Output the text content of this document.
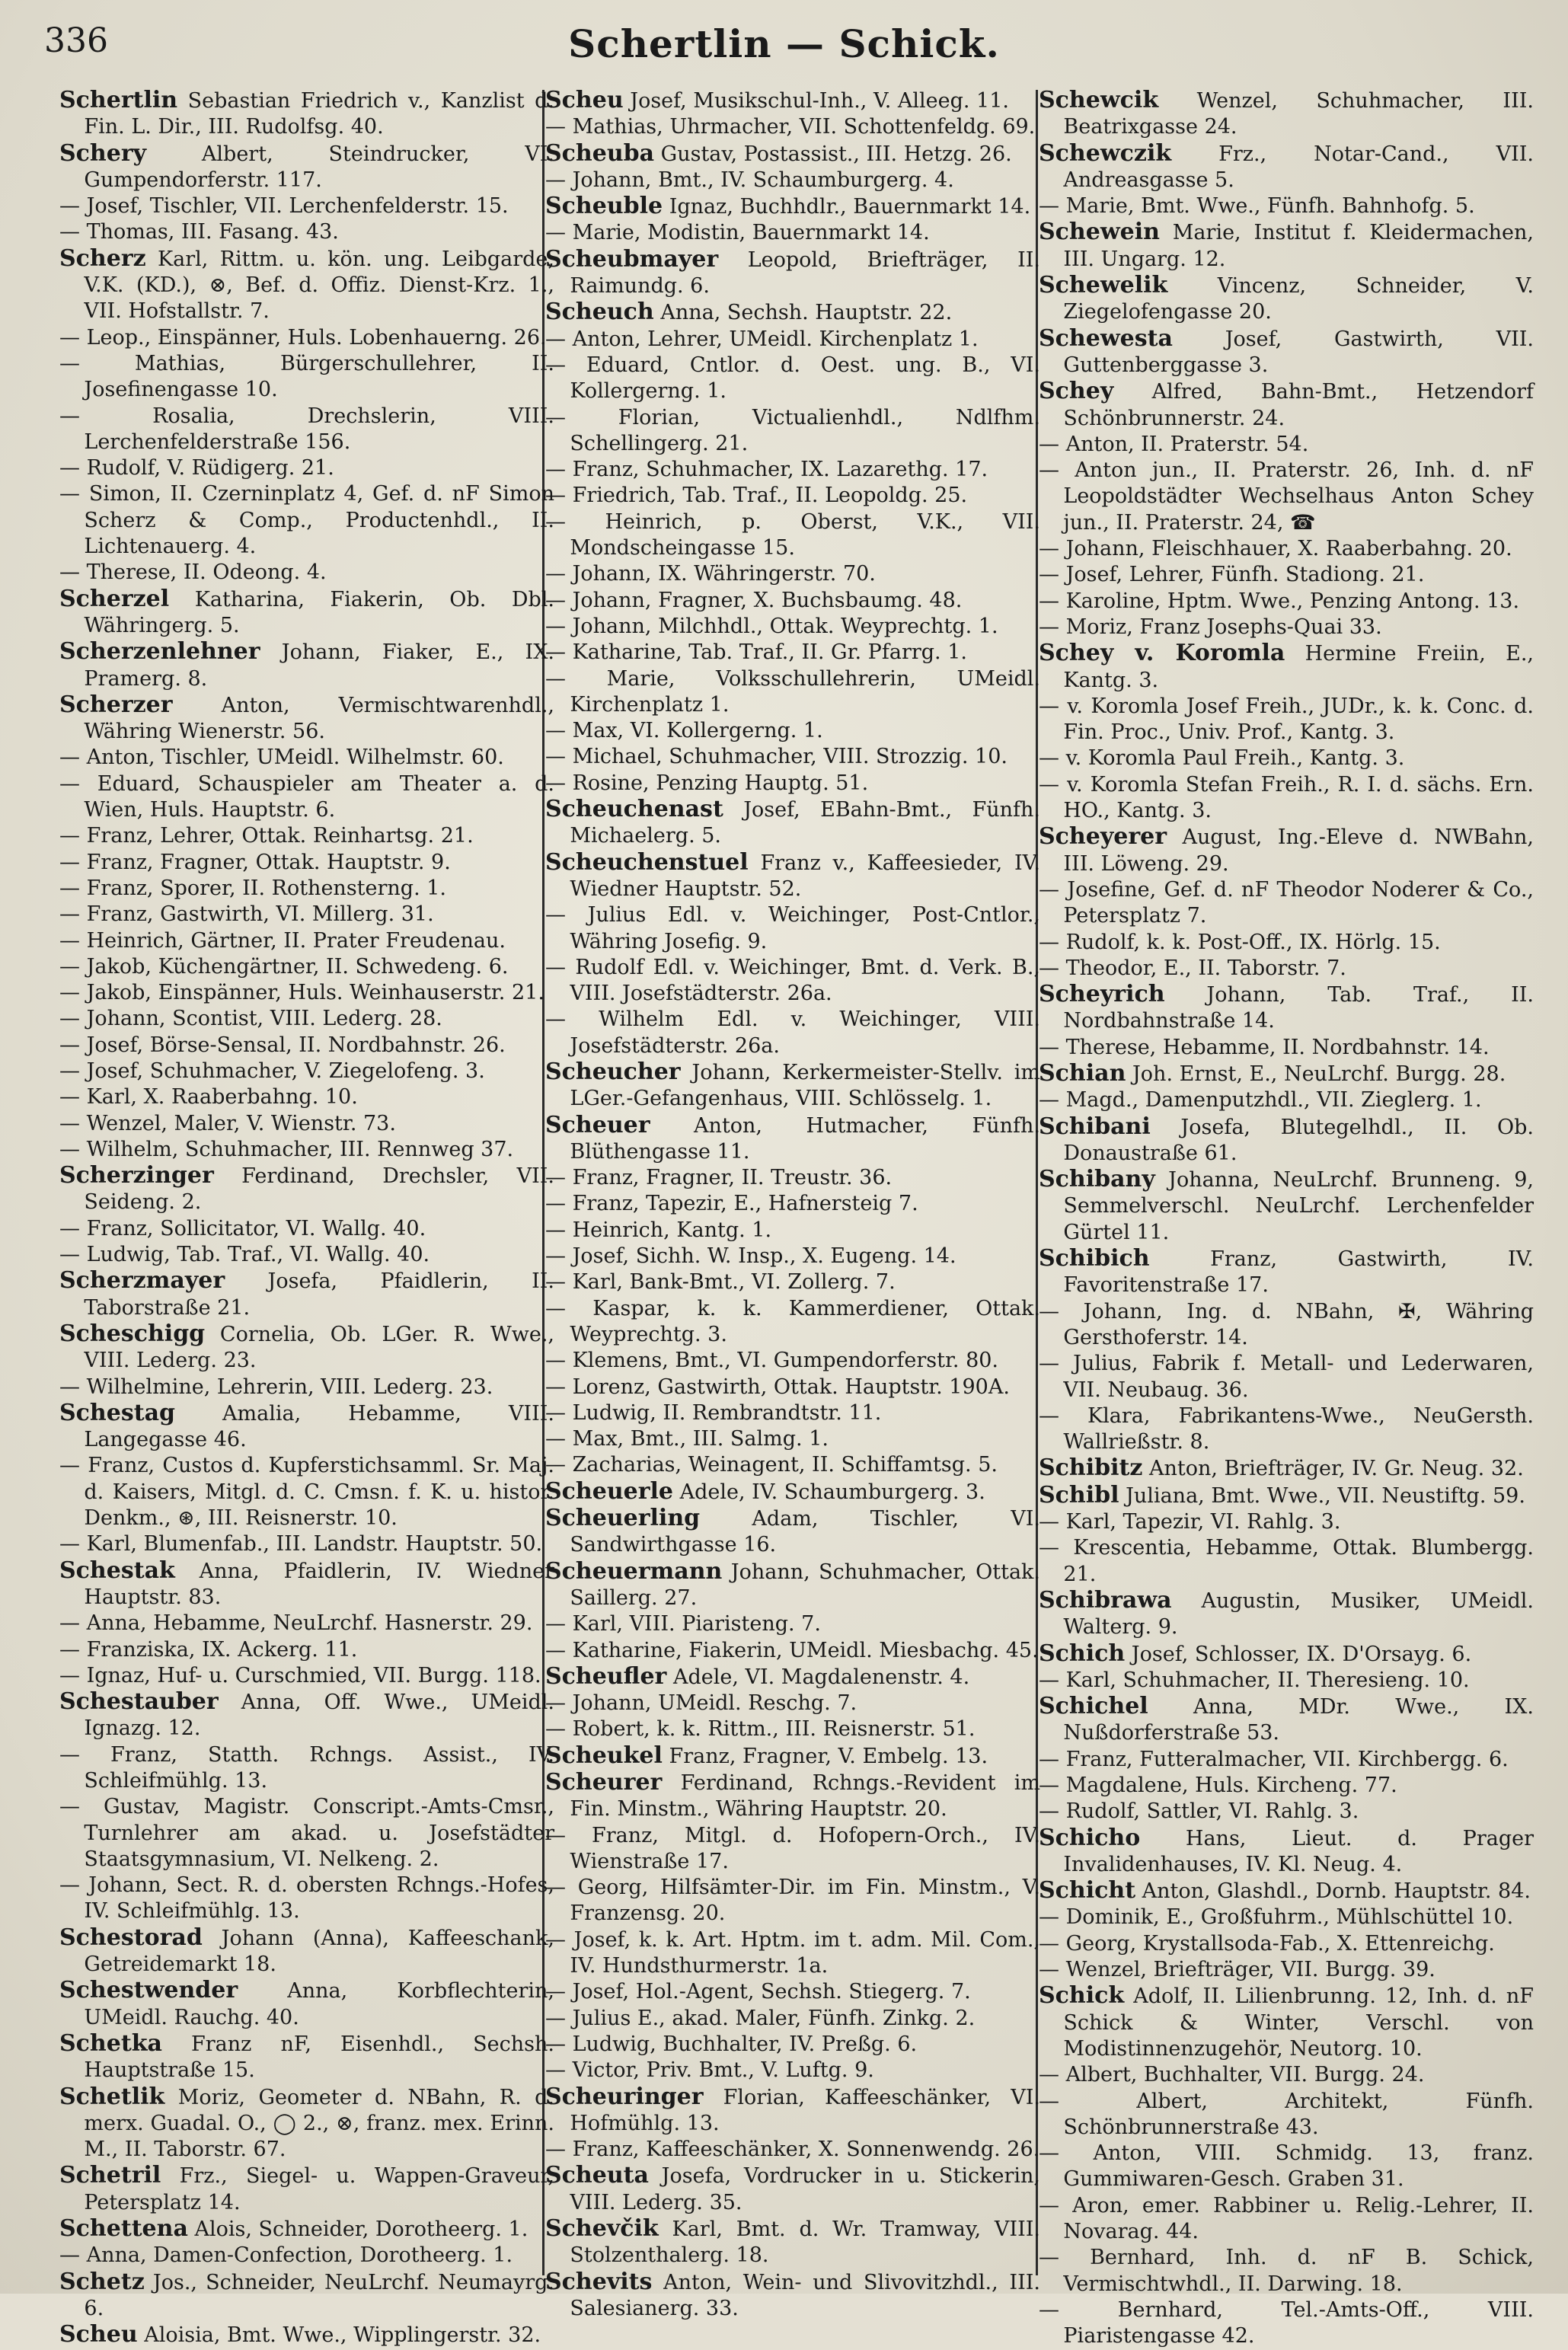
336	Schertlin — Schick.

Schertlin Sebastian Friedrich v., Kanzlist d. Fin. L. Dir., III. Rudolfsg. 40.

Schery Albert, Steindrucker, VI. Gumpendorferstr. 117.

— Josef, Tischler, VII. Lerchenfelderstr. 15.

— Thomas, III. Fasang. 43.

Scherz Karl, Rittm. u. kön. ung. Leibgarde, V.K. (KD.), ⊗, Bef. d. Offiz. Dienst-Krz. 1., VII. Hofstallstr. 7.

— Leop., Einspänner, Huls. Lobenhauerng. 26.

— Mathias, Bürgerschullehrer, II. Josefinengasse 10.

— Rosalia, Drechslerin, VIII. Lerchenfelderstraße 156.

— Rudolf, V. Rüdigerg. 21.

— Simon, II. Czerninplatz 4, Gef. d. nF Simon Scherz & Comp., Productenhdl., II. Lichtenauerg. 4.

— Therese, II. Odeong. 4.

Scherzel Katharina, Fiakerin, Ob. Dbl. Währingerg. 5.

Scherzenlehner Johann, Fiaker, E., IX. Pramerg. 8.

Scherzer Anton, Vermischtwarenhdl., Währing Wienerstr. 56.

— Anton, Tischler, UMeidl. Wilhelmstr. 60.

— Eduard, Schauspieler am Theater a. d. Wien, Huls. Hauptstr. 6.

— Franz, Lehrer, Ottak. Reinhartsg. 21.

— Franz, Fragner, Ottak. Hauptstr. 9.

— Franz, Sporer, II. Rothensterng. 1.

— Franz, Gastwirth, VI. Millerg. 31.

— Heinrich, Gärtner, II. Prater Freudenau.

— Jakob, Küchengärtner, II. Schwedeng. 6.

— Jakob, Einspänner, Huls. Weinhauserstr. 21.

— Johann, Scontist, VIII. Lederg. 28.

— Josef, Börse-Sensal, II. Nordbahnstr. 26.

— Josef, Schuhmacher, V. Ziegelofeng. 3.

— Karl, X. Raaberbahng. 10.

— Wenzel, Maler, V. Wienstr. 73.

— Wilhelm, Schuhmacher, III. Rennweg 37.

Scherzinger Ferdinand, Drechsler, VII. Seideng. 2.

— Franz, Sollicitator, VI. Wallg. 40.

— Ludwig, Tab. Traf., VI. Wallg. 40.

Scherzmayer Josefa, Pfaidlerin, II. Taborstraße 21.

Scheschigg Cornelia, Ob. LGer. R. Wwe., VIII. Lederg. 23.

— Wilhelmine, Lehrerin, VIII. Lederg. 23.

Schestag Amalia, Hebamme, VIII. Langegasse 46.

— Franz, Custos d. Kupferstichsamml. Sr. Maj. d. Kaisers, Mitgl. d. C. Cmsn. f. K. u. histor. Denkm., ⊛, III. Reisnerstr. 10.

— Karl, Blumenfab., III. Landstr. Hauptstr. 50.

Schestak Anna, Pfaidlerin, IV. Wiedner Hauptstr. 83.

— Anna, Hebamme, NeuLrchf. Hasnerstr. 29.

— Franziska, IX. Ackerg. 11.

— Ignaz, Huf- u. Curschmied, VII. Burgg. 118.

Schestauber Anna, Off. Wwe., UMeidl. Ignazg. 12.

— Franz, Statth. Rchngs. Assist., IV. Schleifmühlg. 13.

— Gustav, Magistr. Conscript.-Amts-Cmsr., Turnlehrer am akad. u. Josefstädter Staatsgymnasium, VI. Nelkeng. 2.

— Johann, Sect. R. d. obersten Rchngs.-Hofes, IV. Schleifmühlg. 13.

Schestorad Johann (Anna), Kaffeeschank, Getreidemarkt 18.

Schestwender Anna, Korbflechterin, UMeidl. Rauchg. 40.

Schetka Franz nF, Eisenhdl., Sechsh. Hauptstraße 15.

Schetlik Moriz, Geometer d. NBahn, R. d. merx. Guadal. O., ◯ 2., ⊗, franz. mex. Erinn. M., II. Taborstr. 67.

Schetril Frz., Siegel- u. Wappen-Graveur, Petersplatz 14.

Schettena Alois, Schneider, Dorotheerg. 1.

— Anna, Damen-Confection, Dorotheerg. 1.

Schetz Jos., Schneider, NeuLrchf. Neumayrg. 6.

Scheu Aloisia, Bmt. Wwe., Wipplingerstr. 32.

Scheu Josef, Musikschul-Inh., V. Alleeg. 11.

— Mathias, Uhrmacher, VII. Schottenfeldg. 69.

Scheuba Gustav, Postassist., III. Hetzg. 26.

— Johann, Bmt., IV. Schaumburgerg. 4.

Scheuble Ignaz, Buchhdlr., Bauernmarkt 14.

— Marie, Modistin, Bauernmarkt 14.

Scheubmayer Leopold, Briefträger, II. Raimundg. 6.

Scheuch Anna, Sechsh. Hauptstr. 22.

— Anton, Lehrer, UMeidl. Kirchenplatz 1.

— Eduard, Cntlor. d. Oest. ung. B., VI. Kollergerng. 1.

— Florian, Victualienhdl., Ndlfhm. Schellingerg. 21.

— Franz, Schuhmacher, IX. Lazarethg. 17.

— Friedrich, Tab. Traf., II. Leopoldg. 25.

— Heinrich, p. Oberst, V.K., VII. Mondscheingasse 15.

— Johann, IX. Währingerstr. 70.

— Johann, Fragner, X. Buchsbaumg. 48.

— Johann, Milchhdl., Ottak. Weyprechtg. 1.

— Katharine, Tab. Traf., II. Gr. Pfarrg. 1.

— Marie, Volksschullehrerin, UMeidl. Kirchenplatz 1.

— Max, VI. Kollergerng. 1.

— Michael, Schuhmacher, VIII. Strozzig. 10.

— Rosine, Penzing Hauptg. 51.

Scheuchenast Josef, EBahn-Bmt., Fünfh. Michaelerg. 5.

Scheuchenstuel Franz v., Kaffeesieder, IV. Wiedner Hauptstr. 52.

— Julius Edl. v. Weichinger, Post-Cntlor., Währing Josefig. 9.

— Rudolf Edl. v. Weichinger, Bmt. d. Verk. B., VIII. Josefstädterstr. 26a.

— Wilhelm Edl. v. Weichinger, VIII. Josefstädterstr. 26a.

Scheucher Johann, Kerkermeister-Stellv. im LGer.-Gefangenhaus, VIII. Schlösselg. 1.

Scheuer Anton, Hutmacher, Fünfh. Blüthengasse 11.

— Franz, Fragner, II. Treustr. 36.

— Franz, Tapezir, E., Hafnersteig 7.

— Heinrich, Kantg. 1.

— Josef, Sichh. W. Insp., X. Eugeng. 14.

— Karl, Bank-Bmt., VI. Zollerg. 7.

— Kaspar, k. k. Kammerdiener, Ottak. Weyprechtg. 3.

— Klemens, Bmt., VI. Gumpendorferstr. 80.

— Lorenz, Gastwirth, Ottak. Hauptstr. 190A.

— Ludwig, II. Rembrandtstr. 11.

— Max, Bmt., III. Salmg. 1.

— Zacharias, Weinagent, II. Schiffamtsg. 5.

Scheuerle Adele, IV. Schaumburgerg. 3.

Scheuerling Adam, Tischler, VI. Sandwirthgasse 16.

Scheuermann Johann, Schuhmacher, Ottak. Saillerg. 27.

— Karl, VIII. Piaristeng. 7.

— Katharine, Fiakerin, UMeidl. Miesbachg. 45.

Scheufler Adele, VI. Magdalenenstr. 4.

— Johann, UMeidl. Reschg. 7.

— Robert, k. k. Rittm., III. Reisnerstr. 51.

Scheukel Franz, Fragner, V. Embelg. 13.

Scheurer Ferdinand, Rchngs.-Revident im Fin. Minstm., Währing Hauptstr. 20.

— Franz, Mitgl. d. Hofopern-Orch., IV. Wienstraße 17.

— Georg, Hilfsämter-Dir. im Fin. Minstm., V. Franzensg. 20.

— Josef, k. k. Art. Hptm. im t. adm. Mil. Com., IV. Hundsthurmerstr. 1a.

— Josef, Hol.-Agent, Sechsh. Stiegerg. 7.

— Julius E., akad. Maler, Fünfh. Zinkg. 2.

— Ludwig, Buchhalter, IV. Preßg. 6.

— Victor, Priv. Bmt., V. Luftg. 9.

Scheuringer Florian, Kaffeeschänker, VI. Hofmühlg. 13.

— Franz, Kaffeeschänker, X. Sonnenwendg. 26.

Scheuta Josefa, Vordrucker in u. Stickerin, VIII. Lederg. 35.

Schevčik Karl, Bmt. d. Wr. Tramway, VIII. Stolzenthalerg. 18.

Schevits Anton, Wein- und Slivovitzhdl., III. Salesianerg. 33.

Schewcik Wenzel, Schuhmacher, III. Beatrixgasse 24.

Schewczik Frz., Notar-Cand., VII. Andreasgasse 5.

— Marie, Bmt. Wwe., Fünfh. Bahnhofg. 5.

Schewein Marie, Institut f. Kleidermachen, III. Ungarg. 12.

Schewelik Vincenz, Schneider, V. Ziegelofengasse 20.

Schewesta Josef, Gastwirth, VII. Guttenberggasse 3.

Schey Alfred, Bahn-Bmt., Hetzendorf Schönbrunnerstr. 24.

— Anton, II. Praterstr. 54.

— Anton jun., II. Praterstr. 26, Inh. d. nF Leopoldstädter Wechselhaus Anton Schey jun., II. Praterstr. 24, ☎

— Johann, Fleischhauer, X. Raaberbahng. 20.

— Josef, Lehrer, Fünfh. Stadiong. 21.

— Karoline, Hptm. Wwe., Penzing Antong. 13.

— Moriz, Franz Josephs-Quai 33.

Schey v. Koromla Hermine Freiin, E., Kantg. 3.

— v. Koromla Josef Freih., JUDr., k. k. Conc. d. Fin. Proc., Univ. Prof., Kantg. 3.

— v. Koromla Paul Freih., Kantg. 3.

— v. Koromla Stefan Freih., R. I. d. sächs. Ern. HO., Kantg. 3.

Scheyerer August, Ing.-Eleve d. NWBahn, III. Löweng. 29.

— Josefine, Gef. d. nF Theodor Noderer & Co., Petersplatz 7.

— Rudolf, k. k. Post-Off., IX. Hörlg. 15.

— Theodor, E., II. Taborstr. 7.

Scheyrich Johann, Tab. Traf., II. Nordbahnstraße 14.

— Therese, Hebamme, II. Nordbahnstr. 14.

Schian Joh. Ernst, E., NeuLrchf. Burgg. 28.

— Magd., Damenputzhdl., VII. Zieglerg. 1.

Schibani Josefa, Blutegelhdl., II. Ob. Donaustraße 61.

Schibany Johanna, NeuLrchf. Brunneng. 9, Semmelverschl. NeuLrchf. Lerchenfelder Gürtel 11.

Schibich Franz, Gastwirth, IV. Favoritenstraße 17.

— Johann, Ing. d. NBahn, ✠, Währing Gersthoferstr. 14.

— Julius, Fabrik f. Metall- und Lederwaren, VII. Neubaug. 36.

— Klara, Fabrikantens-Wwe., NeuGersth. Wallrießstr. 8.

Schibitz Anton, Briefträger, IV. Gr. Neug. 32.

Schibl Juliana, Bmt. Wwe., VII. Neustiftg. 59.

— Karl, Tapezir, VI. Rahlg. 3.

— Krescentia, Hebamme, Ottak. Blumbergg. 21.

Schibrawa Augustin, Musiker, UMeidl. Walterg. 9.

Schich Josef, Schlosser, IX. D'Orsayg. 6.

— Karl, Schuhmacher, II. Theresieng. 10.

Schichel Anna, MDr. Wwe., IX. Nußdorferstraße 53.

— Franz, Futteralmacher, VII. Kirchbergg. 6.

— Magdalene, Huls. Kircheng. 77.

— Rudolf, Sattler, VI. Rahlg. 3.

Schicho Hans, Lieut. d. Prager Invalidenhauses, IV. Kl. Neug. 4.

Schicht Anton, Glashdl., Dornb. Hauptstr. 84.

— Dominik, E., Großfuhrm., Mühlschüttel 10.

— Georg, Krystallsoda-Fab., X. Ettenreichg.

— Wenzel, Briefträger, VII. Burgg. 39.

Schick Adolf, II. Lilienbrunng. 12, Inh. d. nF Schick & Winter, Verschl. von Modistinnenzugehör, Neutorg. 10.

— Albert, Buchhalter, VII. Burgg. 24.

— Albert, Architekt, Fünfh. Schönbrunnerstraße 43.

— Anton, VIII. Schmidg. 13, franz. Gummiwaren-Gesch. Graben 31.

— Aron, emer. Rabbiner u. Relig.-Lehrer, II. Novarag. 44.

— Bernhard, Inh. d. nF B. Schick, Vermischtwhdl., II. Darwing. 18.

— Bernhard, Tel.-Amts-Off., VIII. Piaristengasse 42.
